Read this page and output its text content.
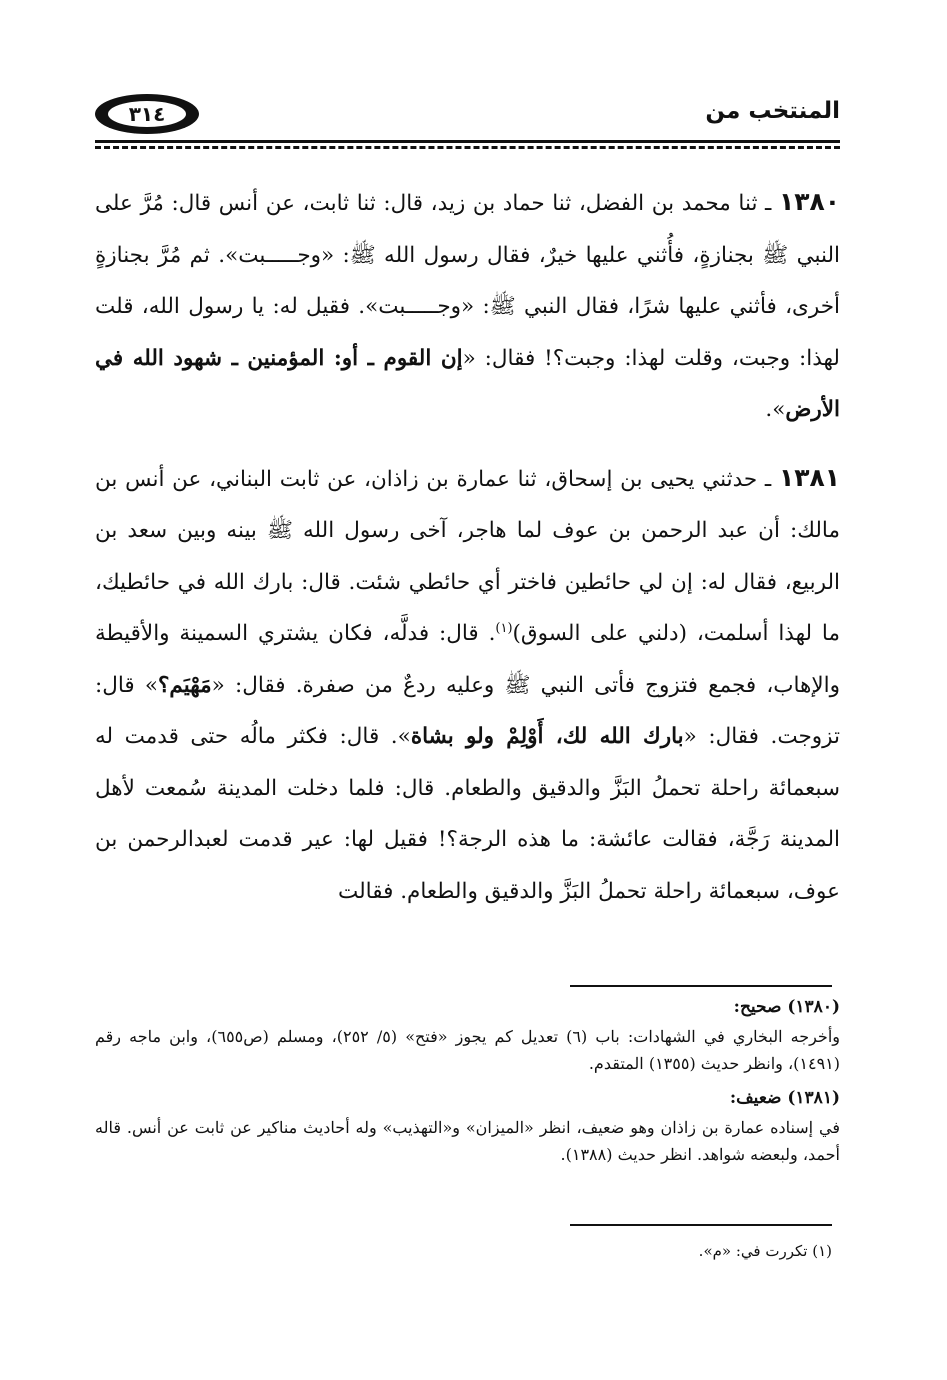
٣١٤	المنتخب من

١٣٨٠ ـ ثنا محمد بن الفضل، ثنا حماد بن زيد، قال: ثنا ثابت، عن أنس قال: مُرَّ على النبي ﷺ بجنازةٍ، فأُثني عليها خيرٌ، فقال رسول الله ﷺ: «وجـــــبت». ثم مُرَّ بجنازةٍ أخرى، فأثني عليها شرًا، فقال النبي ﷺ: «وجـــــبت». فقيل له: يا رسول الله، قلت لهذا: وجبت، وقلت لهذا: وجبت؟! فقال: «إن القوم ـ أو: المؤمنين ـ شهود الله في الأرض».

١٣٨١ ـ حدثني يحيى بن إسحاق، ثنا عمارة بن زاذان، عن ثابت البناني، عن أنس بن مالك: أن عبد الرحمن بن عوف لما هاجر، آخى رسول الله ﷺ بينه وبين سعد بن الربيع، فقال له: إن لي حائطين فاختر أي حائطي شئت. قال: بارك الله في حائطيك، ما لهذا أسلمت، (دلني على السوق)$^{(١)}$. قال: فدلَّه، فكان يشتري السمينة والأقيطة والإهاب، فجمع فتزوج فأتى النبي ﷺ وعليه ردعٌ من صفرة. فقال: «مَهْيَم؟» قال: تزوجت. فقال: «بارك الله لك، أَوْلِمْ ولو بشاة». قال: فكثر مالُه حتى قدمت له سبعمائة راحلة تحملُ البَزَّ والدقيق والطعام. قال: فلما دخلت المدينة سُمعت لأهل المدينة رَجَّة، فقالت عائشة: ما هذه الرجة؟! فقيل لها: عير قدمت لعبدالرحمن بن عوف، سبعمائة راحلة تحملُ البَزَّ والدقيق والطعام. فقالت

(١٣٨٠) صحيح:

وأخرجه البخاري في الشهادات: باب (٦) تعديل كم يجوز «فتح» (٥/ ٢٥٢)، ومسلم (ص٦٥٥)، وابن ماجه رقم (١٤٩١)، وانظر حديث (١٣٥٥) المتقدم.

(١٣٨١) ضعيف:

في إسناده عمارة بن زاذان وهو ضعيف، انظر «الميزان» و«التهذيب» وله أحاديث مناكير عن ثابت عن أنس. قاله أحمد، ولبعضه شواهد. انظر حديث (١٣٨٨).

(١) تكررت في: «م».
